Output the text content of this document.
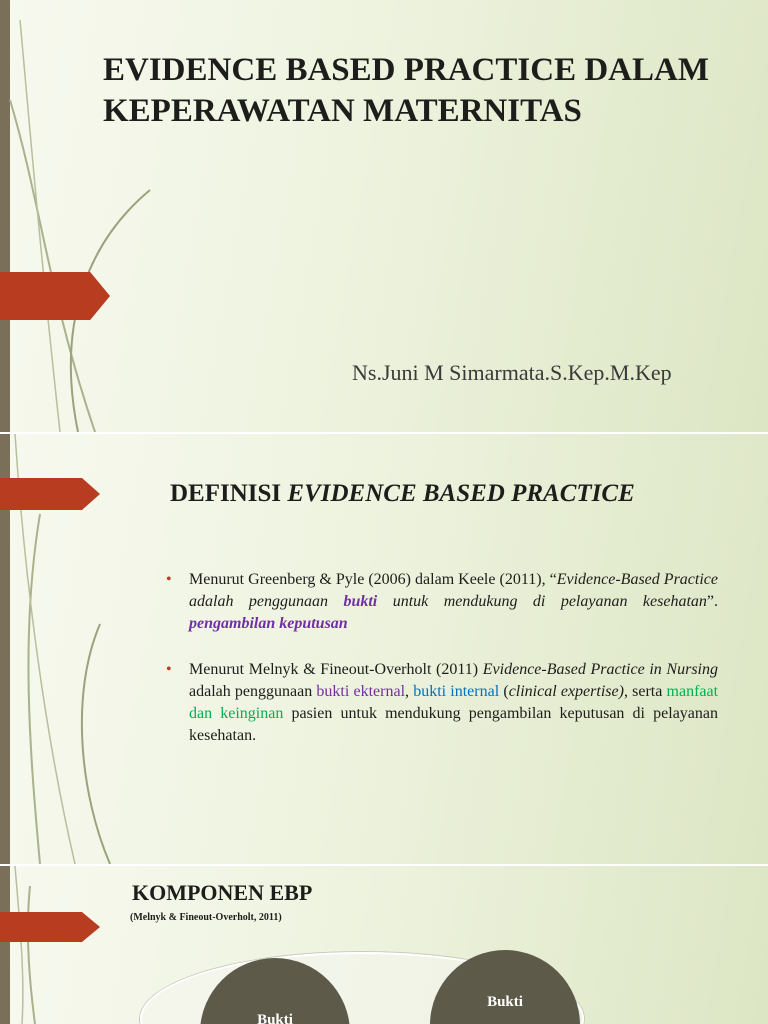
EVIDENCE BASED PRACTICE DALAM KEPERAWATAN MATERNITAS
Ns.Juni M Simarmata.S.Kep.M.Kep
DEFINISI EVIDENCE BASED PRACTICE
• Menurut Greenberg & Pyle (2006) dalam Keele (2011), “Evidence-Based Practice adalah penggunaan bukti untuk mendukung di pelayanan kesehatan”. pengambilan keputusan
• Menurut Melnyk & Fineout-Overholt (2011) Evidence-Based Practice in Nursing adalah penggunaan bukti ekternal, bukti internal (clinical expertise), serta manfaat dan keinginan pasien untuk mendukung pengambilan keputusan di pelayanan kesehatan.
KOMPONEN EBP
(Melnyk & Fineout-Overholt, 2011)
Bukti
Bukti
